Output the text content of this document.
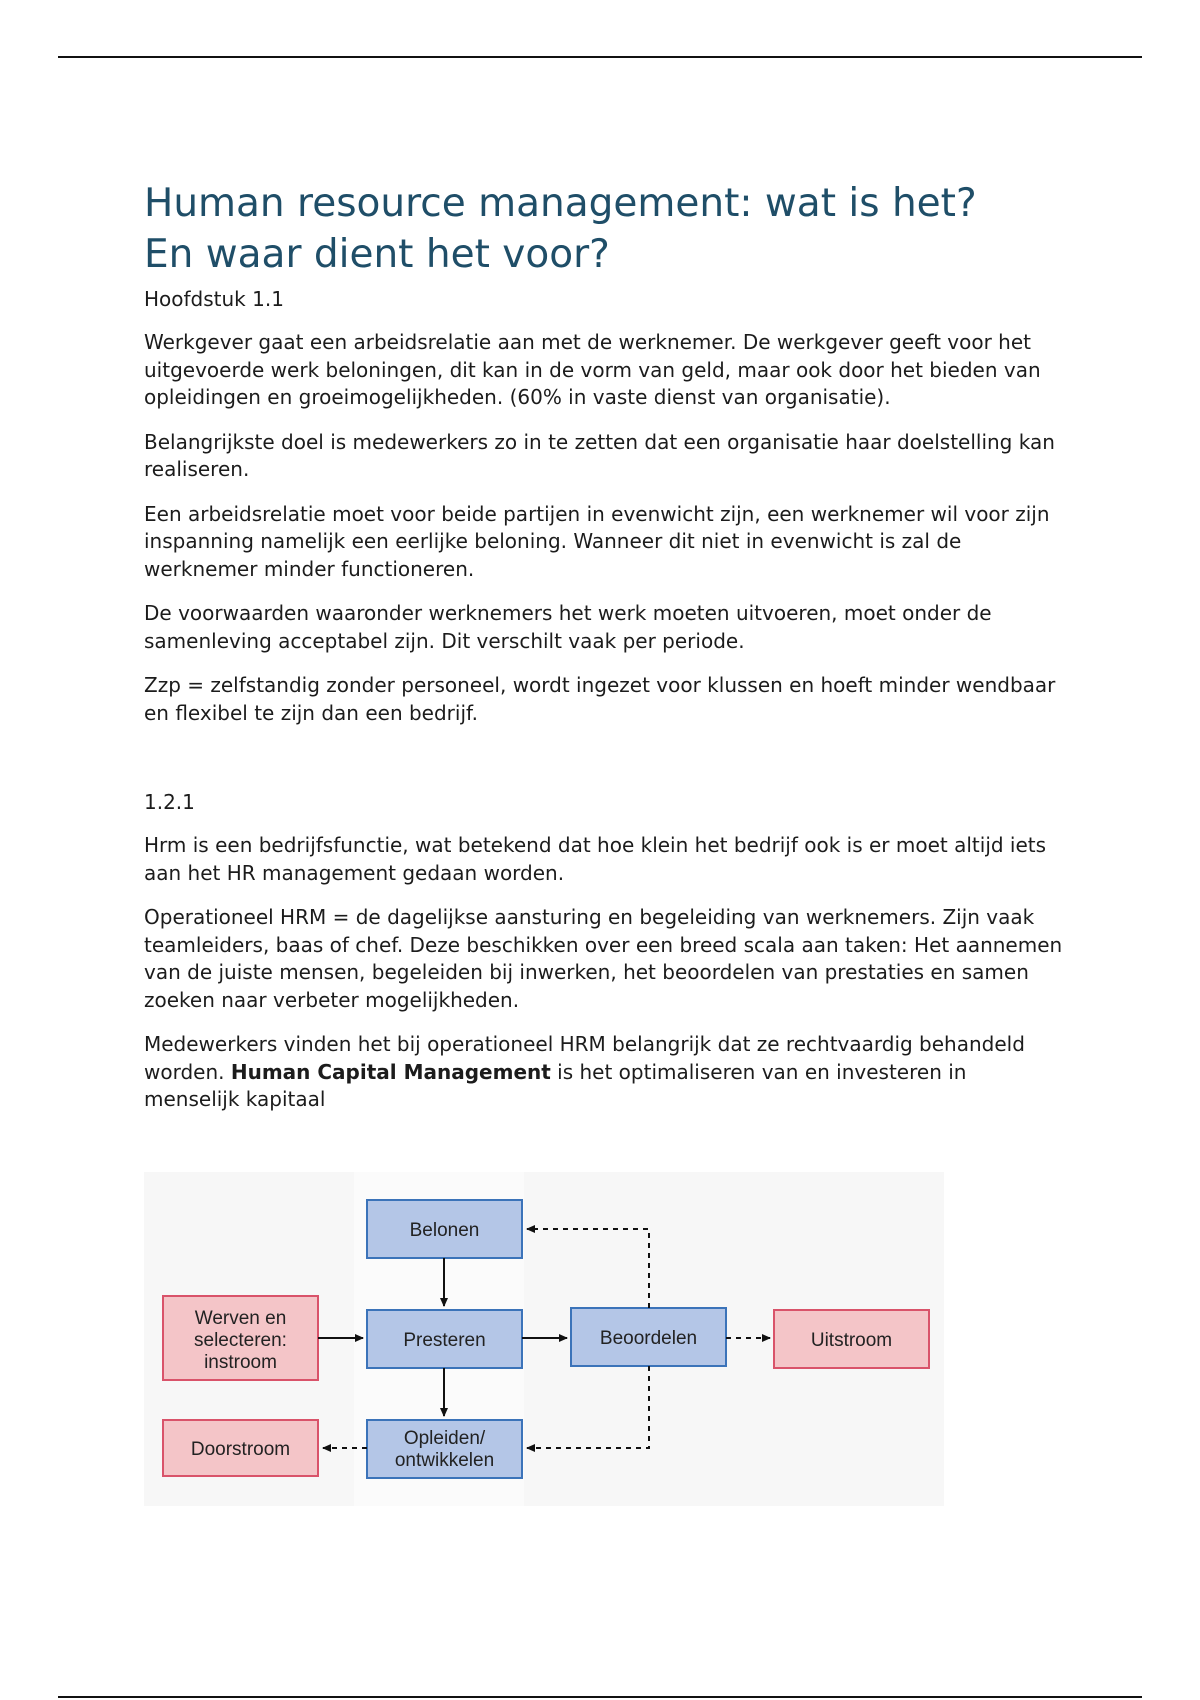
Human resource management: wat is het?
En waar dient het voor?
Hoofdstuk 1.1

Werkgever gaat een arbeidsrelatie aan met de werknemer. De werkgever geeft voor het uitgevoerde werk beloningen, dit kan in de vorm van geld, maar ook door het bieden van opleidingen en groeimogelijkheden. (60% in vaste dienst van organisatie).

Belangrijkste doel is medewerkers zo in te zetten dat een organisatie haar doelstelling kan realiseren.

Een arbeidsrelatie moet voor beide partijen in evenwicht zijn, een werknemer wil voor zijn inspanning namelijk een eerlijke beloning. Wanneer dit niet in evenwicht is zal de werknemer minder functioneren.

De voorwaarden waaronder werknemers het werk moeten uitvoeren, moet onder de samenleving acceptabel zijn. Dit verschilt vaak per periode.

Zzp = zelfstandig zonder personeel, wordt ingezet voor klussen en hoeft minder wendbaar en flexibel te zijn dan een bedrijf.

1.2.1

Hrm is een bedrijfsfunctie, wat betekend dat hoe klein het bedrijf ook is er moet altijd iets aan het HR management gedaan worden.

Operationeel HRM = de dagelijkse aansturing en begeleiding van werknemers. Zijn vaak teamleiders, baas of chef. Deze beschikken over een breed scala aan taken: Het aannemen van de juiste mensen, begeleiden bij inwerken, het beoordelen van prestaties en samen zoeken naar verbeter mogelijkheden.

Medewerkers vinden het bij operationeel HRM belangrijk dat ze rechtvaardig behandeld worden. Human Capital Management is het optimaliseren van en investeren in menselijk kapitaal

Belonen
Werven en
selecteren:
instroom
Presteren	Beoordelen	Uitstroom
Doorstroom
Opleiden/
ontwikkelen
